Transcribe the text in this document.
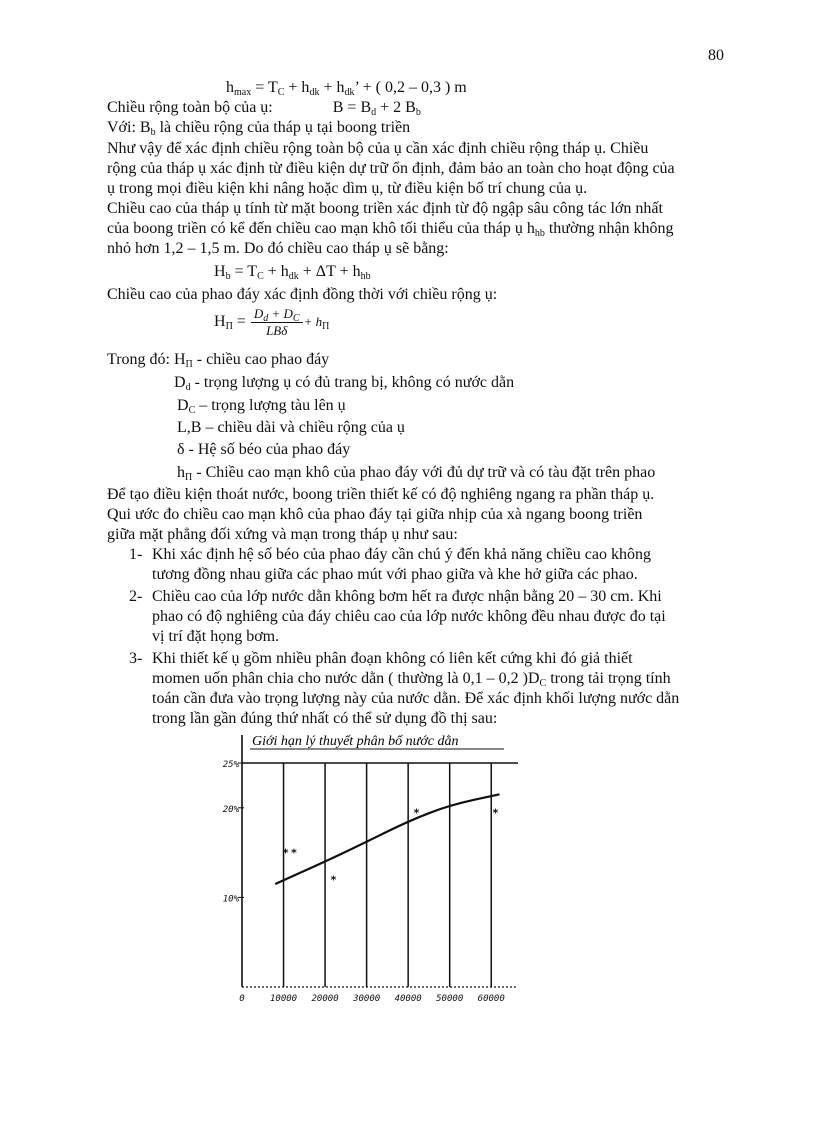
80
$h_{max} = T_C + h_{dk} + h_{dk}$’ + ( 0,2 – 0,3 ) m
Chiều rộng toàn bộ của ụ:	$B = B_d + 2$ $B_b$
Với: $B_b$ là chiều rộng của tháp ụ tại boong triền
Như vậy để xác định chiều rộng toàn bộ của ụ cần xác định chiều rộng tháp ụ. Chiều
rộng của tháp ụ xác định từ điều kiện dự trữ ổn định, đảm bảo an toàn cho hoạt động của
ụ trong mọi điều kiện khi nâng hoặc dìm ụ, từ điều kiện bố trí chung của ụ.
Chiều cao của tháp ụ tính từ mặt boong triền xác định từ độ ngập sâu công tác lớn nhất
của boong triền có kể đến chiều cao mạn khô tối thiểu của tháp ụ $h_{hb}$ thường nhận không
nhỏ hơn 1,2 – 1,5 m. Do đó chiều cao tháp ụ sẽ bằng:
$H_b = T_C + h_{dk} + \Delta T + h_{hb}$
Chiều cao của phao đáy xác định đồng thời với chiều rộng ụ:
$H_\Pi = \frac{D_d + D_C}{\text{LBδ}} + h_\Pi$
Trong đó: $H_\Pi$ - chiều cao phao đáy
$D_d$ - trọng lượng ụ có đủ trang bị, không có nước dằn
$D_C$ – trọng lượng tàu lên ụ
L,B – chiều dài và chiều rộng của ụ
δ - Hệ số béo của phao đáy
$h_\Pi$ - Chiều cao mạn khô của phao đáy với đủ dự trữ và có tàu đặt trên phao
Để tạo điều kiện thoát nước, boong triền thiết kế có độ nghiêng ngang ra phần tháp ụ.
Qui ước đo chiều cao mạn khô của phao đáy tại giữa nhịp của xà ngang boong triền
giữa mặt phẳng đối xứng và mạn trong tháp ụ như sau:
1- Khi xác định hệ số béo của phao đáy cần chú ý đến khả năng chiều cao không
tương đồng nhau giữa các phao mút với phao giữa và khe hở giữa các phao.
2- Chiều cao của lớp nước dằn không bơm hết ra được nhận bằng 20 – 30 cm. Khi
phao có độ nghiêng của đáy chiêu cao của lớp nước không đều nhau được đo tại
vị trí đặt họng bơm.
3- Khi thiết kế ụ gồm nhiều phân đoạn không có liên kết cứng khi đó giả thiết
momen uốn phân chia cho nước dằn ( thường là 0,1 – 0,2 )$D_C$ trong tải trọng tính
toán cần đưa vào trọng lượng này của nước dằn. Để xác định khối lượng nước dằn
trong lần gần đúng thứ nhất có thể sử dụng đồ thị sau:
Giới hạn lý thuyết phân bố nước dằn
0	10000 20000 30000 40000 50000 60000
10%
20%
25%
* *
*
*	*
